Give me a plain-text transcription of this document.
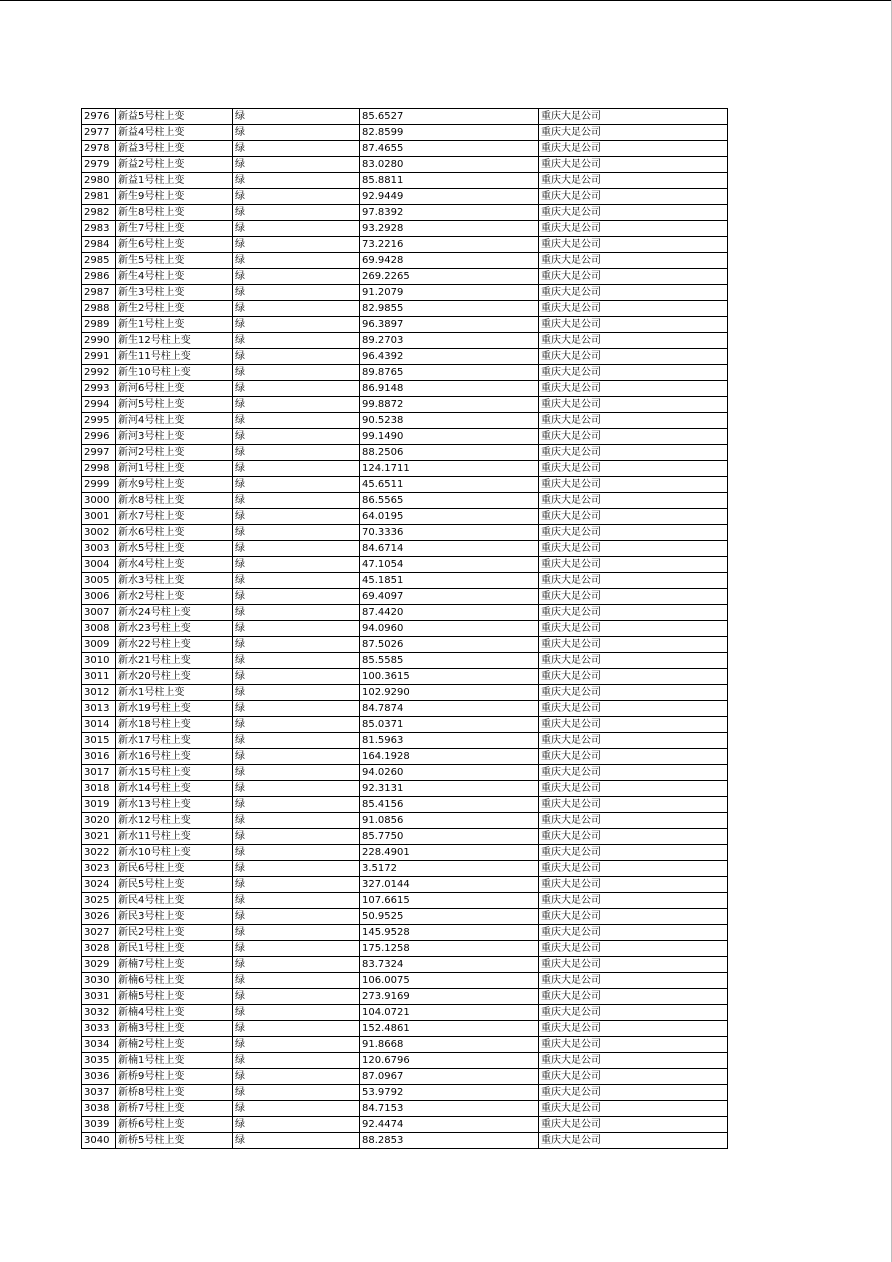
2976	新益5号柱上变	绿	85.6527	重庆大足公司
2977	新益4号柱上变	绿	82.8599	重庆大足公司
2978	新益3号柱上变	绿	87.4655	重庆大足公司
2979	新益2号柱上变	绿	83.0280	重庆大足公司
2980	新益1号柱上变	绿	85.8811	重庆大足公司
2981	新生9号柱上变	绿	92.9449	重庆大足公司
2982	新生8号柱上变	绿	97.8392	重庆大足公司
2983	新生7号柱上变	绿	93.2928	重庆大足公司
2984	新生6号柱上变	绿	73.2216	重庆大足公司
2985	新生5号柱上变	绿	69.9428	重庆大足公司
2986	新生4号柱上变	绿	269.2265	重庆大足公司
2987	新生3号柱上变	绿	91.2079	重庆大足公司
2988	新生2号柱上变	绿	82.9855	重庆大足公司
2989	新生1号柱上变	绿	96.3897	重庆大足公司
2990	新生12号柱上变	绿	89.2703	重庆大足公司
2991	新生11号柱上变	绿	96.4392	重庆大足公司
2992	新生10号柱上变	绿	89.8765	重庆大足公司
2993	新河6号柱上变	绿	86.9148	重庆大足公司
2994	新河5号柱上变	绿	99.8872	重庆大足公司
2995	新河4号柱上变	绿	90.5238	重庆大足公司
2996	新河3号柱上变	绿	99.1490	重庆大足公司
2997	新河2号柱上变	绿	88.2506	重庆大足公司
2998	新河1号柱上变	绿	124.1711	重庆大足公司
2999	新水9号柱上变	绿	45.6511	重庆大足公司
3000	新水8号柱上变	绿	86.5565	重庆大足公司
3001	新水7号柱上变	绿	64.0195	重庆大足公司
3002	新水6号柱上变	绿	70.3336	重庆大足公司
3003	新水5号柱上变	绿	84.6714	重庆大足公司
3004	新水4号柱上变	绿	47.1054	重庆大足公司
3005	新水3号柱上变	绿	45.1851	重庆大足公司
3006	新水2号柱上变	绿	69.4097	重庆大足公司
3007	新水24号柱上变	绿	87.4420	重庆大足公司
3008	新水23号柱上变	绿	94.0960	重庆大足公司
3009	新水22号柱上变	绿	87.5026	重庆大足公司
3010	新水21号柱上变	绿	85.5585	重庆大足公司
3011	新水20号柱上变	绿	100.3615	重庆大足公司
3012	新水1号柱上变	绿	102.9290	重庆大足公司
3013	新水19号柱上变	绿	84.7874	重庆大足公司
3014	新水18号柱上变	绿	85.0371	重庆大足公司
3015	新水17号柱上变	绿	81.5963	重庆大足公司
3016	新水16号柱上变	绿	164.1928	重庆大足公司
3017	新水15号柱上变	绿	94.0260	重庆大足公司
3018	新水14号柱上变	绿	92.3131	重庆大足公司
3019	新水13号柱上变	绿	85.4156	重庆大足公司
3020	新水12号柱上变	绿	91.0856	重庆大足公司
3021	新水11号柱上变	绿	85.7750	重庆大足公司
3022	新水10号柱上变	绿	228.4901	重庆大足公司
3023	新民6号柱上变	绿	3.5172	重庆大足公司
3024	新民5号柱上变	绿	327.0144	重庆大足公司
3025	新民4号柱上变	绿	107.6615	重庆大足公司
3026	新民3号柱上变	绿	50.9525	重庆大足公司
3027	新民2号柱上变	绿	145.9528	重庆大足公司
3028	新民1号柱上变	绿	175.1258	重庆大足公司
3029	新楠7号柱上变	绿	83.7324	重庆大足公司
3030	新楠6号柱上变	绿	106.0075	重庆大足公司
3031	新楠5号柱上变	绿	273.9169	重庆大足公司
3032	新楠4号柱上变	绿	104.0721	重庆大足公司
3033	新楠3号柱上变	绿	152.4861	重庆大足公司
3034	新楠2号柱上变	绿	91.8668	重庆大足公司
3035	新楠1号柱上变	绿	120.6796	重庆大足公司
3036	新桥9号柱上变	绿	87.0967	重庆大足公司
3037	新桥8号柱上变	绿	53.9792	重庆大足公司
3038	新桥7号柱上变	绿	84.7153	重庆大足公司
3039	新桥6号柱上变	绿	92.4474	重庆大足公司
3040	新桥5号柱上变	绿	88.2853	重庆大足公司
